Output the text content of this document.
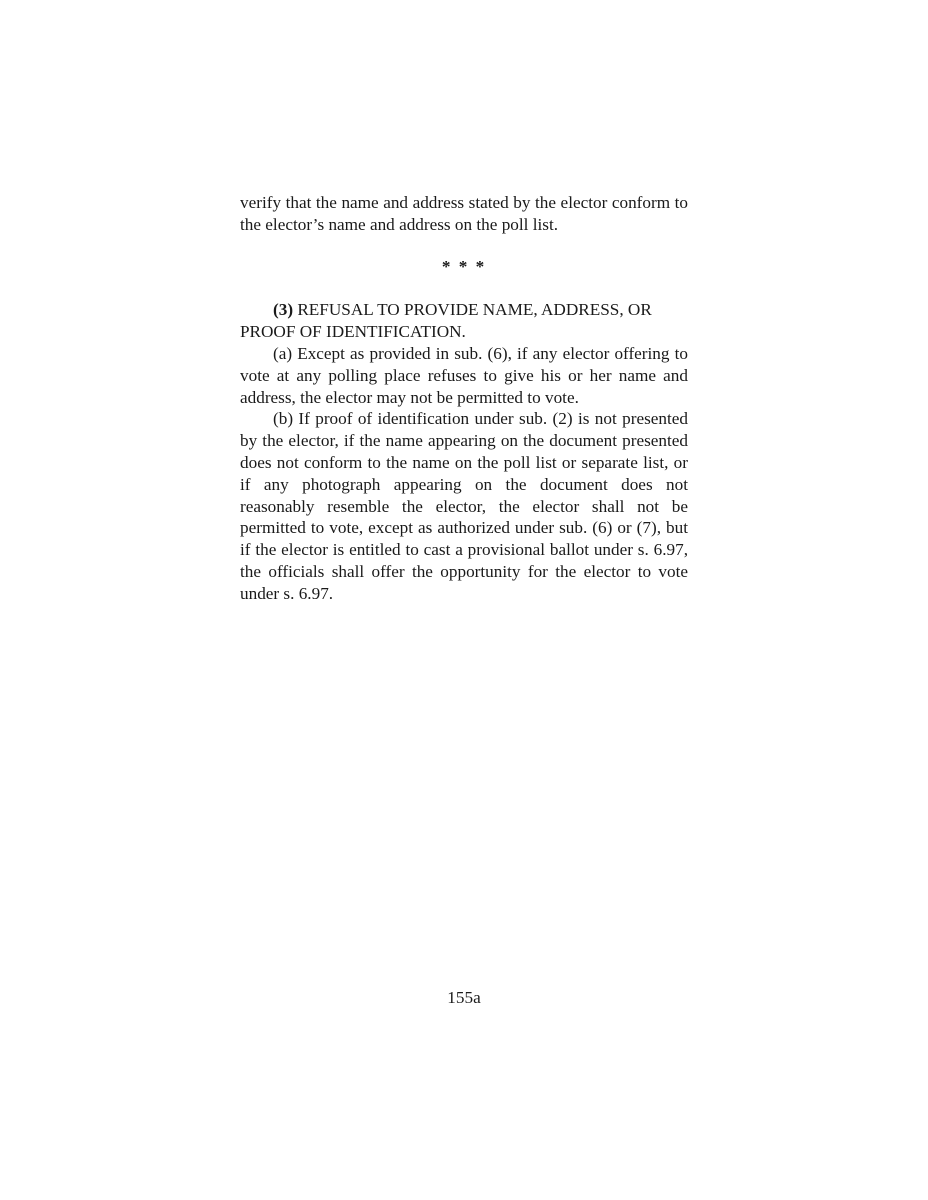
verify that the name and address stated by the elector conform to the elector’s name and address on the poll list.

* * *

(3) REFUSAL TO PROVIDE NAME, ADDRESS, OR PROOF OF IDENTIFICATION.

(a) Except as provided in sub. (6), if any elector offering to vote at any polling place refuses to give his or her name and address, the elector may not be permitted to vote.

(b) If proof of identification under sub. (2) is not presented by the elector, if the name appearing on the document presented does not conform to the name on the poll list or separate list, or if any photograph appearing on the document does not reasonably resemble the elector, the elector shall not be permitted to vote, except as authorized under sub. (6) or (7), but if the elector is entitled to cast a provisional ballot under s. 6.97, the officials shall offer the opportunity for the elector to vote under s. 6.97.

155a
